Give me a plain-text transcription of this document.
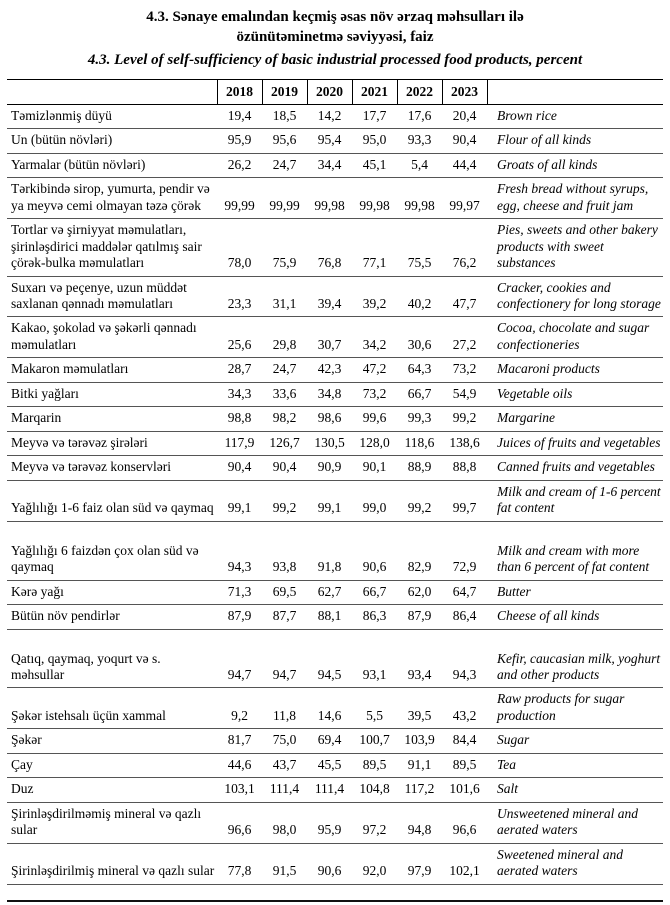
4.3. Sənaye emalından keçmiş əsas növ ərzaq məhsulları ilə
özünütəminetmə səviyyəsi, faiz
4.3. Level of self-sufficiency of basic industrial processed food products, percent
	2018	2019	2020	2021	2022	2023	
Təmizlənmiş düyü	19,4	18,5	14,2	17,7	17,6	20,4	Brown rice
Un (bütün növləri)	95,9	95,6	95,4	95,0	93,3	90,4	Flour of all kinds
Yarmalar (bütün növləri)	26,2	24,7	34,4	45,1	5,4	44,4	Groats of all kinds
Tərkibində sirop, yumurta, pendir və ya meyvə cemi olmayan təzə çörək	99,99	99,99	99,98	99,98	99,98	99,97	Fresh bread without syrups, egg, cheese and fruit jam
Tortlar və şirniyyat məmulatları, şirinləşdirici maddələr qatılmış sair çörək-bulka məmulatları	78,0	75,9	76,8	77,1	75,5	76,2	Pies, sweets and other bakery products with sweet substances
Suxarı və peçenye, uzun müddət saxlanan qənnadı məmulatları	23,3	31,1	39,4	39,2	40,2	47,7	Cracker, cookies and confectionery for long storage
Kakao, şokolad və şəkərli qənnadı məmulatları	25,6	29,8	30,7	34,2	30,6	27,2	Cocoa, chocolate and sugar confectioneries
Makaron məmulatları	28,7	24,7	42,3	47,2	64,3	73,2	Macaroni products
Bitki yağları	34,3	33,6	34,8	73,2	66,7	54,9	Vegetable oils
Marqarin	98,8	98,2	98,6	99,6	99,3	99,2	Margarine
Meyvə və tərəvəz şirələri	117,9	126,7	130,5	128,0	118,6	138,6	Juices of fruits and vegetables
Meyvə və tərəvəz konservləri	90,4	90,4	90,9	90,1	88,9	88,8	Canned fruits and vegetables
Yağlılığı 1-6 faiz olan süd və qaymaq	99,1	99,2	99,1	99,0	99,2	99,7	Milk and cream of 1-6 percent fat content
Yağlılığı 6 faizdən çox olan süd və qaymaq	94,3	93,8	91,8	90,6	82,9	72,9	Milk and cream with more than 6 percent of fat content
Kərə yağı	71,3	69,5	62,7	66,7	62,0	64,7	Butter
Bütün növ pendirlər	87,9	87,7	88,1	86,3	87,9	86,4	Cheese of all kinds
Qatıq, qaymaq, yoqurt və s. məhsullar	94,7	94,7	94,5	93,1	93,4	94,3	Kefir, caucasian milk, yoghurt and other products
Şəkər istehsalı üçün xammal	9,2	11,8	14,6	5,5	39,5	43,2	Raw products for sugar production
Şəkər	81,7	75,0	69,4	100,7	103,9	84,4	Sugar
Çay	44,6	43,7	45,5	89,5	91,1	89,5	Tea
Duz	103,1	111,4	111,4	104,8	117,2	101,6	Salt
Şirinləşdirilməmiş mineral və qazlı sular	96,6	98,0	95,9	97,2	94,8	96,6	Unsweetened mineral and aerated waters
Şirinləşdirilmiş mineral və qazlı sular	77,8	91,5	90,6	92,0	97,9	102,1	Sweetened mineral and aerated waters
